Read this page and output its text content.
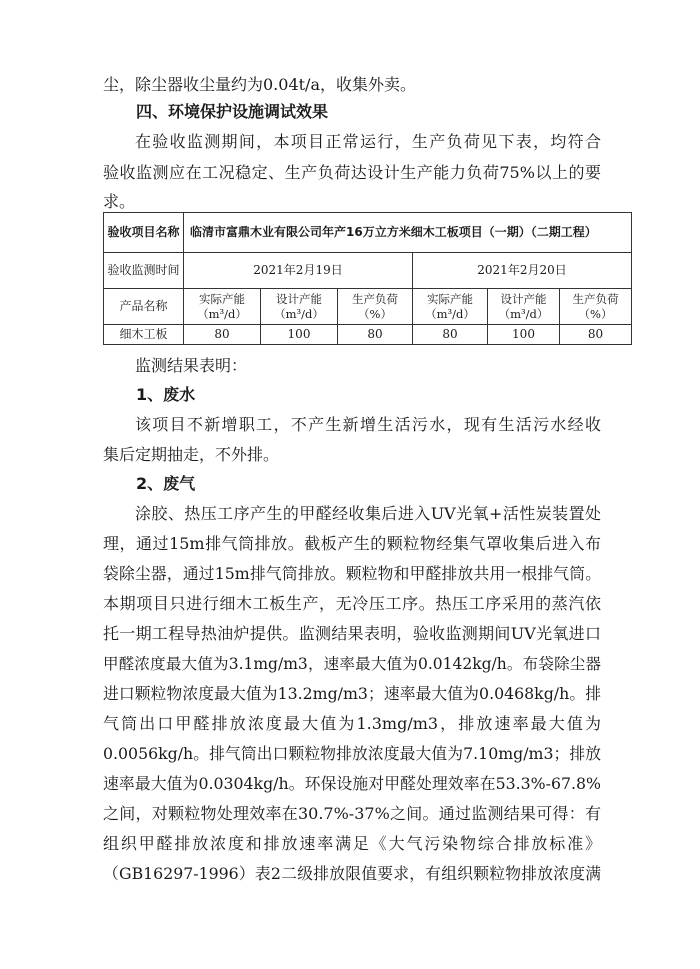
尘，除尘器收尘量约为0.04t/a，收集外卖。
四、环境保护设施调试效果
在验收监测期间，本项目正常运行，生产负荷见下表，均符合
验收监测应在工况稳定、生产负荷达设计生产能力负荷75%以上的要
求。
验收项目名称	临清市富鼎木业有限公司年产16万立方米细木工板项目（一期）（二期工程）					
验收监测时间	2021年2月19日			2021年2月20日		
产品名称	实际产能（m³/d）	设计产能（m³/d）	生产负荷（%）	实际产能（m³/d）	设计产能（m³/d）	生产负荷（%）
细木工板	80	100	80	80	100	80
监测结果表明：
1、废水
该项目不新增职工，不产生新增生活污水，现有生活污水经收
集后定期抽走，不外排。
2、废气
涂胶、热压工序产生的甲醛经收集后进入UV光氧+活性炭装置处
理，通过15m排气筒排放。截板产生的颗粒物经集气罩收集后进入布
袋除尘器，通过15m排气筒排放。颗粒物和甲醛排放共用一根排气筒。
本期项目只进行细木工板生产，无冷压工序。热压工序采用的蒸汽依
托一期工程导热油炉提供。监测结果表明，验收监测期间UV光氧进口
甲醛浓度最大值为3.1mg/m3，速率最大值为0.0142kg/h。布袋除尘器
进口颗粒物浓度最大值为13.2mg/m3；速率最大值为0.0468kg/h。排
气筒出口甲醛排放浓度最大值为1.3mg/m3，排放速率最大值为
0.0056kg/h。排气筒出口颗粒物排放浓度最大值为7.10mg/m3；排放
速率最大值为0.0304kg/h。环保设施对甲醛处理效率在53.3%-67.8%
之间，对颗粒物处理效率在30.7%-37%之间。通过监测结果可得：有
组织甲醛排放浓度和排放速率满足《大气污染物综合排放标准》
（GB16297-1996）表2二级排放限值要求，有组织颗粒物排放浓度满
